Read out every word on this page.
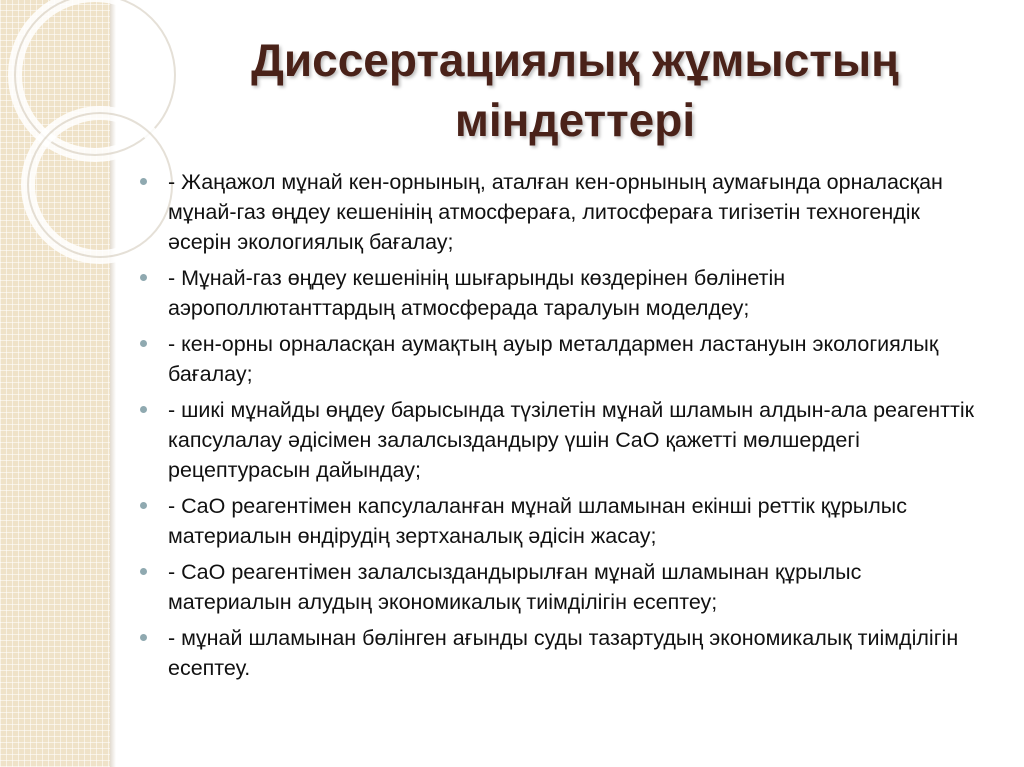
Диссертациялық жұмыстың
міндеттері
- Жаңажол мұнай кен-орнының, аталған кен-орнының аумағында орналасқан мұнай-газ өңдеу кешенінің атмосфераға, литосфераға тигізетін техногендік әсерін экологиялық бағалау;
- Мұнай-газ өңдеу кешенінің шығарынды көздерінен бөлінетін аэрополлютанттардың атмосферада таралуын моделдеу;
- кен-орны орналасқан аумақтың ауыр металдармен ластануын экологиялық бағалау;
- шикі мұнайды өңдеу барысында түзілетін мұнай шламын алдын-ала реагенттік капсулалау әдісімен залалсыздандыру үшін CaO қажетті мөлшердегі рецептурасын дайындау;
- CaO реагентімен капсулаланған мұнай шламынан екінші реттік құрылыс материалын өндірудің зертханалық әдісін жасау;
- CaO реагентімен залалсыздандырылған мұнай шламынан құрылыс материалын алудың экономикалық тиімділігін есептеу;
- мұнай шламынан бөлінген ағынды суды тазартудың экономикалық тиімділігін есептеу.
